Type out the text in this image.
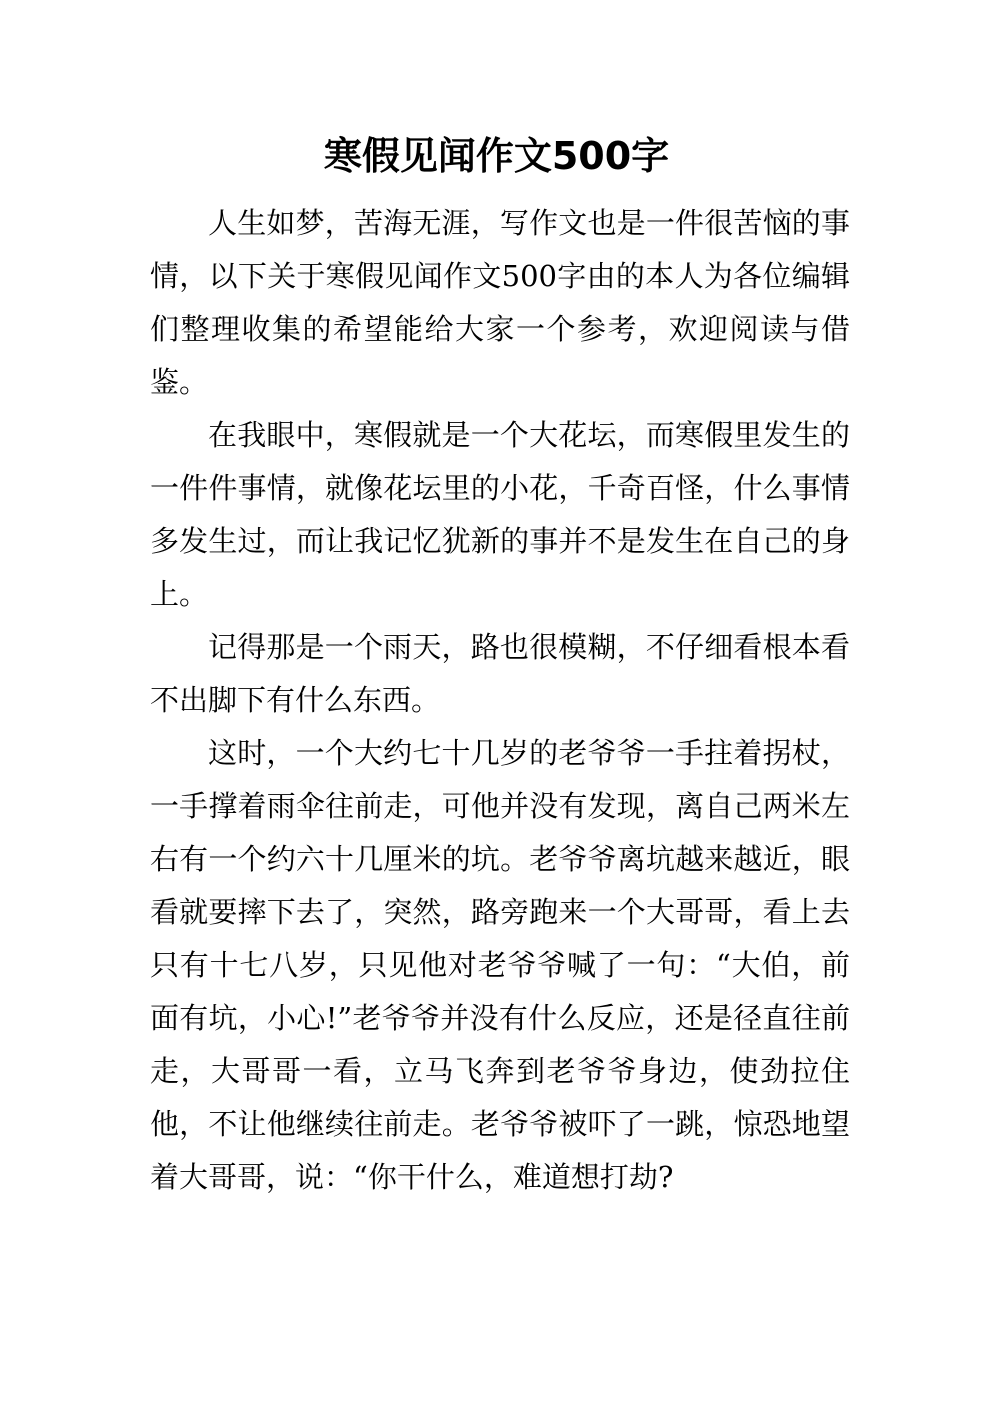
寒假见闻作文500字

人生如梦，苦海无涯，写作文也是一件很苦恼的事情，以下关于寒假见闻作文500字由的本人为各位编辑们整理收集的希望能给大家一个参考，欢迎阅读与借鉴。

在我眼中，寒假就是一个大花坛，而寒假里发生的一件件事情，就像花坛里的小花，千奇百怪，什么事情多发生过，而让我记忆犹新的事并不是发生在自己的身上。

记得那是一个雨天，路也很模糊，不仔细看根本看不出脚下有什么东西。

这时，一个大约七十几岁的老爷爷一手拄着拐杖，一手撑着雨伞往前走，可他并没有发现，离自己两米左右有一个约六十几厘米的坑。老爷爷离坑越来越近，眼看就要摔下去了，突然，路旁跑来一个大哥哥，看上去只有十七八岁，只见他对老爷爷喊了一句：“大伯，前面有坑，小心!”老爷爷并没有什么反应，还是径直往前走，大哥哥一看，立马飞奔到老爷爷身边，使劲拉住他，不让他继续往前走。老爷爷被吓了一跳，惊恐地望着大哥哥，说：“你干什么，难道想打劫?
